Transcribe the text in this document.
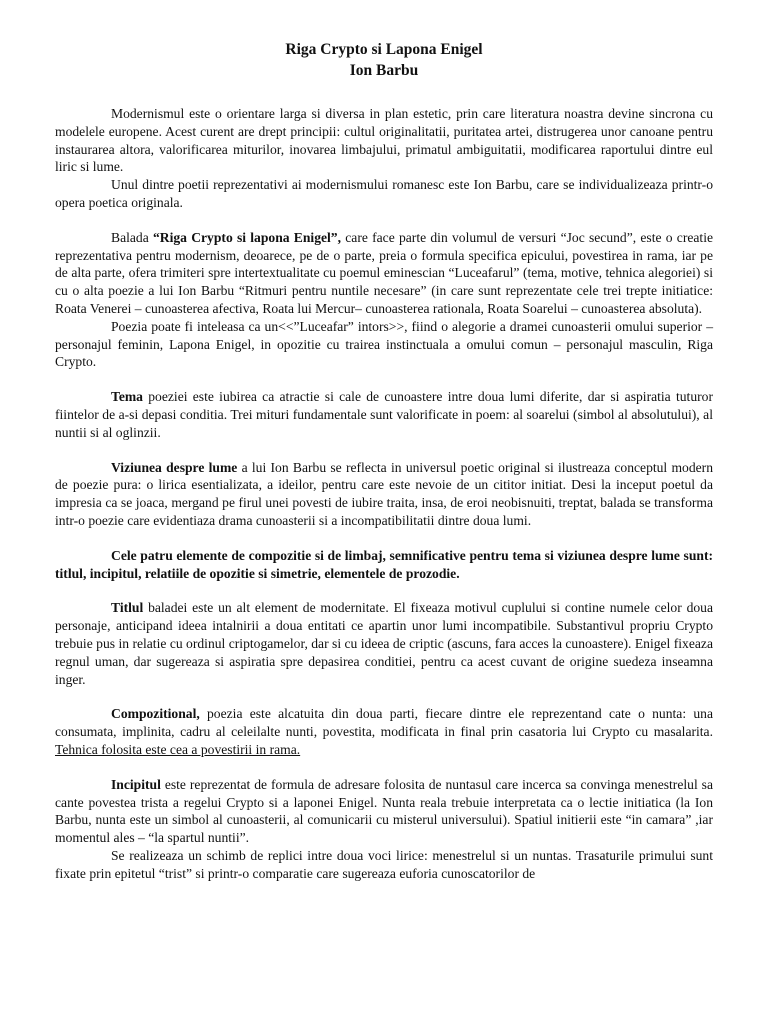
Riga Crypto si Lapona Enigel
Ion Barbu

Modernismul este o orientare larga si diversa in plan estetic, prin care literatura noastra devine sincrona cu modelele europene. Acest curent are drept principii: cultul originalitatii, puritatea artei, distrugerea unor canoane pentru instaurarea altora, valorificarea miturilor, inovarea limbajului, primatul ambiguitatii, modificarea raportului dintre eul liric si lume.

Unul dintre poetii reprezentativi ai modernismului romanesc este Ion Barbu, care se individualizeaza printr-o opera poetica originala.

Balada “Riga Crypto si lapona Enigel”, care face parte din volumul de versuri “Joc secund”, este o creatie reprezentativa pentru modernism, deoarece, pe de o parte, preia o formula specifica epicului, povestirea in rama, iar pe de alta parte, ofera trimiteri spre intertextualitate cu poemul eminescian “Luceafarul” (tema, motive, tehnica alegoriei) si cu o alta poezie a lui Ion Barbu “Ritmuri pentru nuntile necesare” (in care sunt reprezentate cele trei trepte initiatice: Roata Venerei – cunoasterea afectiva, Roata lui Mercur– cunoasterea rationala, Roata Soarelui – cunoasterea absoluta).

Poezia poate fi inteleasa ca un<<”Luceafar” intors>>, fiind o alegorie a dramei cunoasterii omului superior – personajul feminin, Lapona Enigel, in opozitie cu trairea instinctuala a omului comun – personajul masculin, Riga Crypto.

Tema poeziei este iubirea ca atractie si cale de cunoastere intre doua lumi diferite, dar si aspiratia tuturor fiintelor de a-si depasi conditia. Trei mituri fundamentale sunt valorificate in poem: al soarelui (simbol al absolutului), al nuntii si al oglinzii.

Viziunea despre lume a lui Ion Barbu se reflecta in universul poetic original si ilustreaza conceptul modern de poezie pura: o lirica esentializata, a ideilor, pentru care este nevoie de un cititor initiat. Desi la inceput poetul da impresia ca se joaca, mergand pe firul unei povesti de iubire traita, insa, de eroi neobisnuiti, treptat, balada se transforma intr-o poezie care evidentiaza drama cunoasterii si a incompatibilitatii dintre doua lumi.

Cele patru elemente de compozitie si de limbaj, semnificative pentru tema si viziunea despre lume sunt: titlul, incipitul, relatiile de opozitie si simetrie, elementele de prozodie.

Titlul baladei este un alt element de modernitate. El fixeaza motivul cuplului si contine numele celor doua personaje, anticipand ideea intalnirii a doua entitati ce apartin unor lumi incompatibile. Substantivul propriu Crypto trebuie pus in relatie cu ordinul criptogamelor, dar si cu ideea de criptic (ascuns, fara acces la cunoastere). Enigel fixeaza regnul uman, dar sugereaza si aspiratia spre depasirea conditiei, pentru ca acest cuvant de origine suedeza inseamna inger.

Compozitional, poezia este alcatuita din doua parti, fiecare dintre ele reprezentand cate o nunta: una consumata, implinita, cadru al celeilalte nunti, povestita, modificata in final prin casatoria lui Crypto cu masalarita. Tehnica folosita este cea a povestirii in rama.

Incipitul este reprezentat de formula de adresare folosita de nuntasul care incerca sa convinga menestrelul sa cante povestea trista a regelui Crypto si a laponei Enigel. Nunta reala trebuie interpretata ca o lectie initiatica (la Ion Barbu, nunta este un simbol al cunoasterii, al comunicarii cu misterul universului). Spatiul initierii este “in camara” ,iar momentul ales – “la spartul nuntii”.

Se realizeaza un schimb de replici intre doua voci lirice: menestrelul si un nuntas. Trasaturile primului sunt fixate prin epitetul “trist” si printr-o comparatie care sugereaza euforia cunoscatorilor de
